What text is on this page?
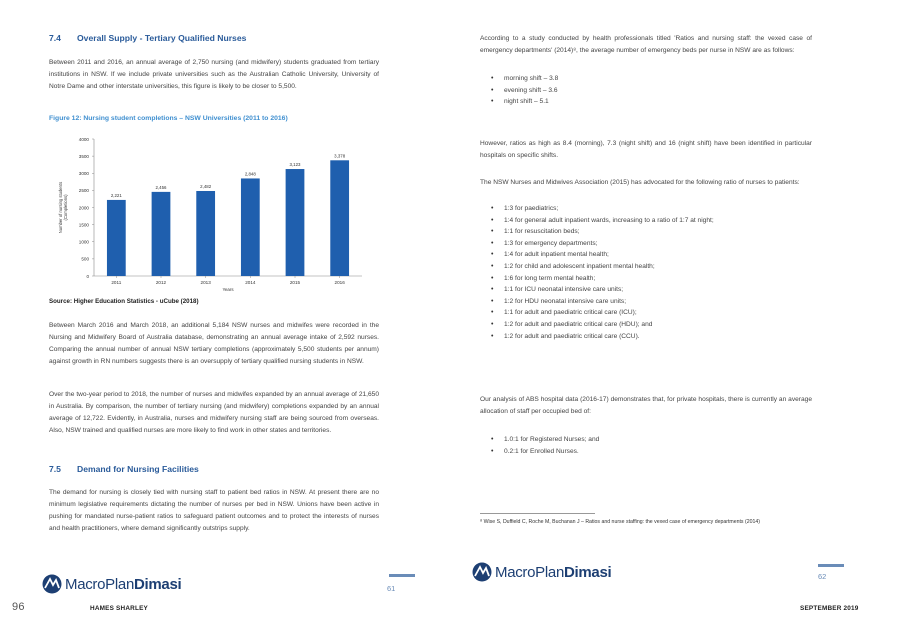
7.4 Overall Supply - Tertiary Qualified Nurses
Between 2011 and 2016, an annual average of 2,750 nursing (and midwifery) students graduated from tertiary institutions in NSW. If we include private universities such as the Australian Catholic University, University of Notre Dame and other interstate universities, this figure is likely to be closer to 5,500.
Figure 12: Nursing student completions – NSW Universities (2011 to 2016)
0
500
1000
1500
2000
2500
3000
3500
4000
Number of nursing students(Completions)	2,221
2011
2,456
2012
2,482
2013
2,848
2014
3,123
2015
3,378
2016
Years
Source: Higher Education Statistics - uCube (2018)
Between March 2016 and March 2018, an additional 5,184 NSW nurses and midwifes were recorded in the Nursing and Midwifery Board of Australia database, demonstrating an annual average intake of 2,592 nurses. Comparing the annual number of annual NSW tertiary completions (approximately 5,500 students per annum) against growth in RN numbers suggests there is an oversupply of tertiary qualified nursing students in NSW.
Over the two-year period to 2018, the number of nurses and midwifes expanded by an annual average of 21,650 in Australia. By comparison, the number of tertiary nursing (and midwifery) completions expanded by an annual average of 12,722. Evidently, in Australia, nurses and midwifery nursing staff are being sourced from overseas. Also, NSW trained and qualified nurses are more likely to find work in other states and territories.
7.5 Demand for Nursing Facilities
The demand for nursing is closely tied with nursing staff to patient bed ratios in NSW. At present there are no minimum legislative requirements dictating the number of nurses per bed in NSW. Unions have been active in pushing for mandated nurse-patient ratios to safeguard patient outcomes and to protect the interests of nurses and health practitioners, where demand significantly outstrips supply.
MacroPlanDimasi	61
96	HAMES SHARLEY
According to a study conducted by health professionals titled 'Ratios and nursing staff: the vexed case of emergency departments' (2014)⁸, the average number of emergency beds per nurse in NSW are as follows:
• morning shift – 3.8
• evening shift – 3.6
• night shift – 5.1
However, ratios as high as 8.4 (morning), 7.3 (night shift) and 16 (night shift) have been identified in particular hospitals on specific shifts.
The NSW Nurses and Midwives Association (2015) has advocated for the following ratio of nurses to patients:
• 1:3 for paediatrics;
• 1:4 for general adult inpatient wards, increasing to a ratio of 1:7 at night;
• 1:1 for resuscitation beds;
• 1:3 for emergency departments;
• 1:4 for adult inpatient mental health;
• 1:2 for child and adolescent inpatient mental health;
• 1:6 for long term mental health;
• 1:1 for ICU neonatal intensive care units;
• 1:2 for HDU neonatal intensive care units;
• 1:1 for adult and paediatric critical care (ICU);
• 1:2 for adult and paediatric critical care (HDU); and
• 1:2 for adult and paediatric critical care (CCU).
Our analysis of ABS hospital data (2016-17) demonstrates that, for private hospitals, there is currently an average allocation of staff per occupied bed of:
• 1.0:1 for Registered Nurses; and
• 0.2:1 for Enrolled Nurses.
⁸ Wise S, Duffield C, Roche M, Buchanan J – Ratios and nurse staffing: the vexed case of emergency departments (2014)
MacroPlanDimasi	62
SEPTEMBER 2019
